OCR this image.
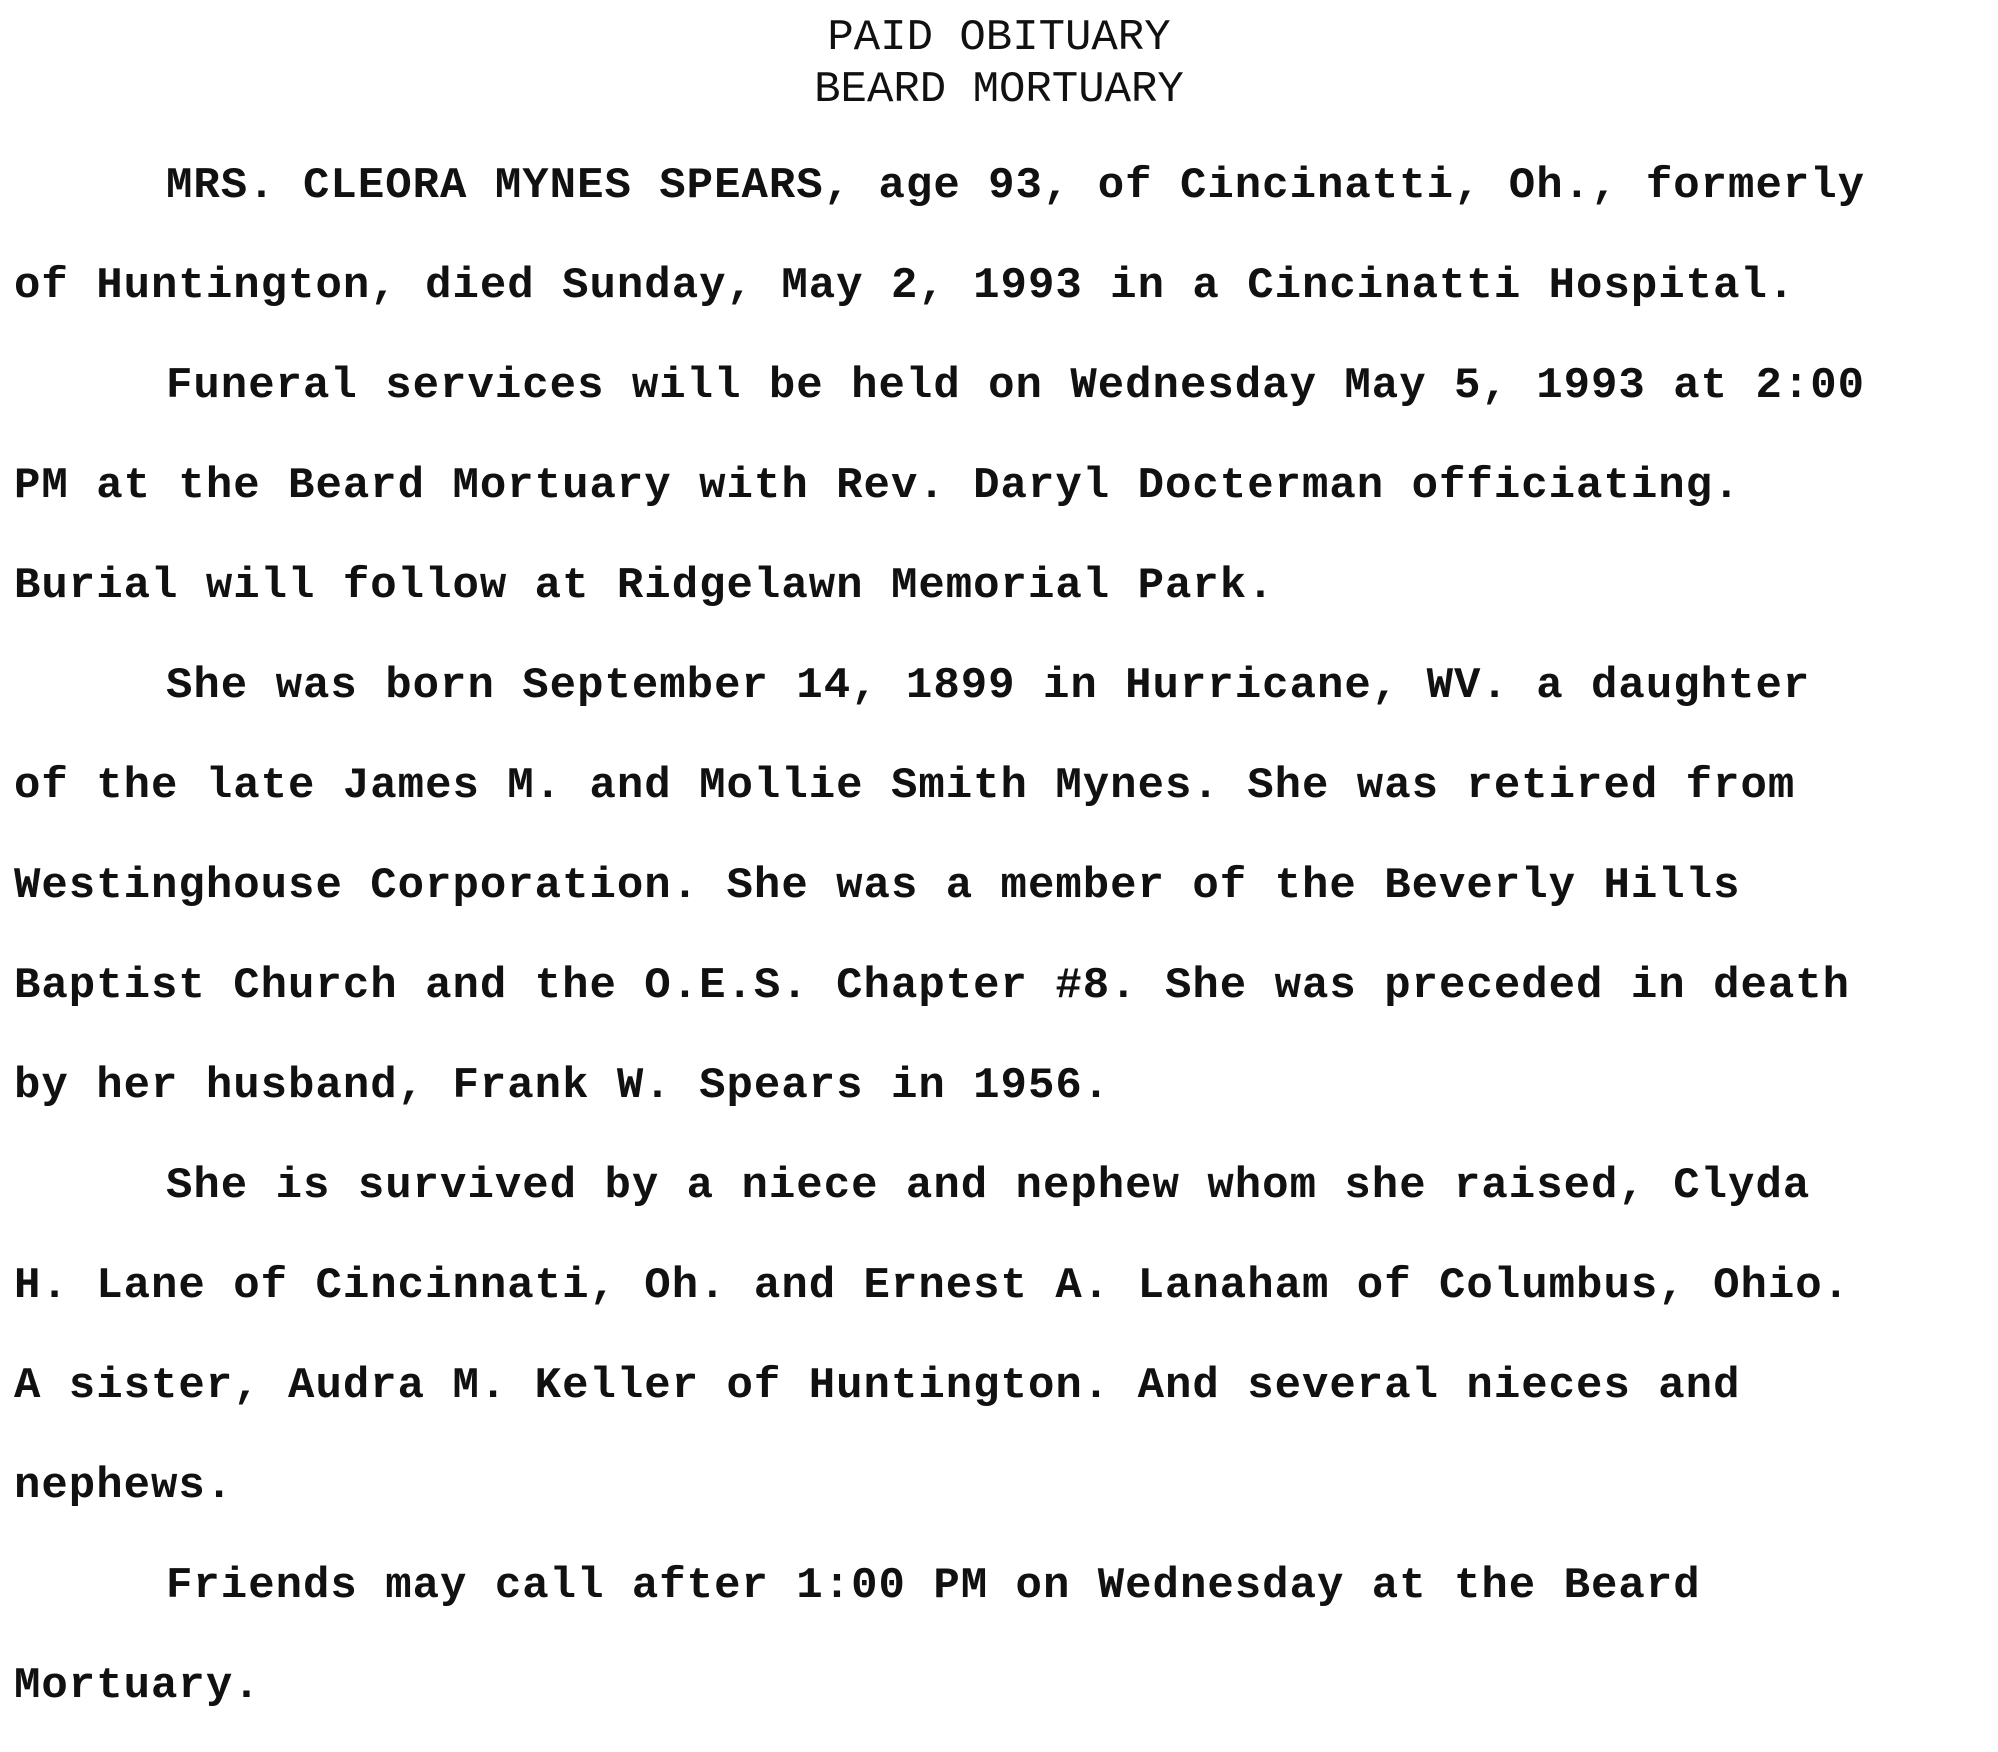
PAID OBITUARY
BEARD MORTUARY
MRS. CLEORA MYNES SPEARS, age 93, of Cincinatti, Oh., formerly
of Huntington, died Sunday, May 2, 1993 in a Cincinatti Hospital.
Funeral services will be held on Wednesday May 5, 1993 at 2:00
PM at the Beard Mortuary with Rev. Daryl Docterman officiating.
Burial will follow at Ridgelawn Memorial Park.
She was born September 14, 1899 in Hurricane, WV. a daughter
of the late James M. and Mollie Smith Mynes. She was retired from
Westinghouse Corporation. She was a member of the Beverly Hills
Baptist Church and the O.E.S. Chapter #8. She was preceded in death
by her husband, Frank W. Spears in 1956.
She is survived by a niece and nephew whom she raised, Clyda
H. Lane of Cincinnati, Oh. and Ernest A. Lanaham of Columbus, Ohio.
A sister, Audra M. Keller of Huntington. And several nieces and
nephews.
Friends may call after 1:00 PM on Wednesday at the Beard
Mortuary.
